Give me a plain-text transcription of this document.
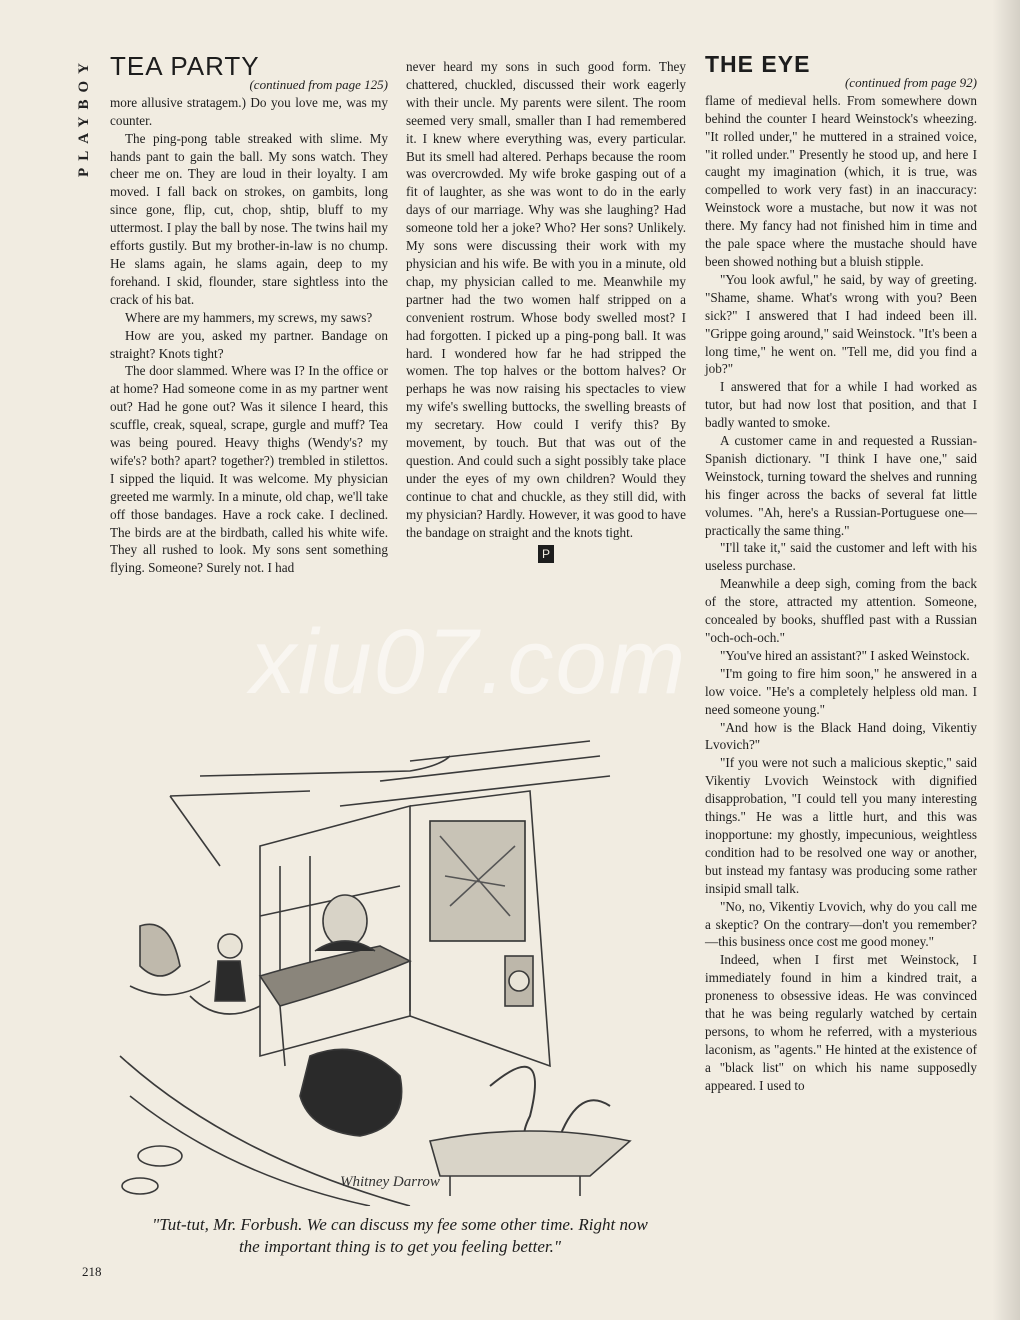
PLAYBOY TEA PARTY

(continued from page 125)

more allusive stratagem.) Do you love me, was my counter.

The ping-pong table streaked with slime. My hands pant to gain the ball. My sons watch. They cheer me on. They are loud in their loyalty. I am moved. I fall back on strokes, on gambits, long since gone, flip, cut, chop, shtip, bluff to my uttermost. I play the ball by nose. The twins hail my efforts gustily. But my brother-in-law is no chump. He slams again, he slams again, deep to my forehand. I skid, flounder, stare sightless into the crack of his bat.

Where are my hammers, my screws, my saws?

How are you, asked my partner. Bandage on straight? Knots tight?

The door slammed. Where was I? In the office or at home? Had someone come in as my partner went out? Had he gone out? Was it silence I heard, this scuffle, creak, squeal, scrape, gurgle and muff? Tea was being poured. Heavy thighs (Wendy's? my wife's? both? apart? together?) trembled in stilettos. I sipped the liquid. It was welcome. My physician greeted me warmly. In a minute, old chap, we'll take off those bandages. Have a rock cake. I declined. The birds are at the birdbath, called his white wife. They all rushed to look. My sons sent something flying. Someone? Surely not. I had

never heard my sons in such good form. They chattered, chuckled, discussed their work eagerly with their uncle. My parents were silent. The room seemed very small, smaller than I had remembered it. I knew where everything was, every particular. But its smell had altered. Perhaps because the room was overcrowded. My wife broke gasping out of a fit of laughter, as she was wont to do in the early days of our marriage. Why was she laughing? Had someone told her a joke? Who? Her sons? Unlikely. My sons were discussing their work with my physician and his wife. Be with you in a minute, old chap, my physician called to me. Meanwhile my partner had the two women half stripped on a convenient rostrum. Whose body swelled most? I had forgotten. I picked up a ping-pong ball. It was hard. I wondered how far he had stripped the women. The top halves or the bottom halves? Or perhaps he was now raising his spectacles to view my wife's swelling buttocks, the swelling breasts of my secretary. How could I verify this? By movement, by touch. But that was out of the question. And could such a sight possibly take place under the eyes of my own children? Would they continue to chat and chuckle, as they still did, with my physician? Hardly. However, it was good to have the bandage on straight and the knots tight.

P
THE EYE

(continued from page 92)

flame of medieval hells. From somewhere down behind the counter I heard Weinstock's wheezing. "It rolled under," he muttered in a strained voice, "it rolled under." Presently he stood up, and here I caught my imagination (which, it is true, was compelled to work very fast) in an inaccuracy: Weinstock wore a mustache, but now it was not there. My fancy had not finished him in time and the pale space where the mustache should have been showed nothing but a bluish stipple.

"You look awful," he said, by way of greeting. "Shame, shame. What's wrong with you? Been sick?" I answered that I had indeed been ill. "Grippe going around," said Weinstock. "It's been a long time," he went on. "Tell me, did you find a job?"

I answered that for a while I had worked as tutor, but had now lost that position, and that I badly wanted to smoke.

A customer came in and requested a Russian-Spanish dictionary. "I think I have one," said Weinstock, turning toward the shelves and running his finger across the backs of several fat little volumes. "Ah, here's a Russian-Portuguese one—practically the same thing."

"I'll take it," said the customer and left with his useless purchase.

Meanwhile a deep sigh, coming from the back of the store, attracted my attention. Someone, concealed by books, shuffled past with a Russian "och-och-och."

"You've hired an assistant?" I asked Weinstock.

"I'm going to fire him soon," he answered in a low voice. "He's a completely helpless old man. I need someone young."

"And how is the Black Hand doing, Vikentiy Lvovich?"

"If you were not such a malicious skeptic," said Vikentiy Lvovich Weinstock with dignified disapprobation, "I could tell you many interesting things." He was a little hurt, and this was inopportune: my ghostly, impecunious, weightless condition had to be resolved one way or another, but instead my fantasy was producing some rather insipid small talk.

"No, no, Vikentiy Lvovich, why do you call me a skeptic? On the contrary—don't you remember?—this business once cost me good money."

Indeed, when I first met Weinstock, I immediately found in him a kindred trait, a proneness to obsessive ideas. He was convinced that he was being regularly watched by certain persons, to whom he referred, with a mysterious laconism, as "agents." He hinted at the existence of a "black list" on which his name supposedly appeared. I used to

Whitney Darrow
"Tut-tut, Mr. Forbush. We can discuss my fee some other time. Right now the important thing is to get you feeling better."
218
xiu07.com
